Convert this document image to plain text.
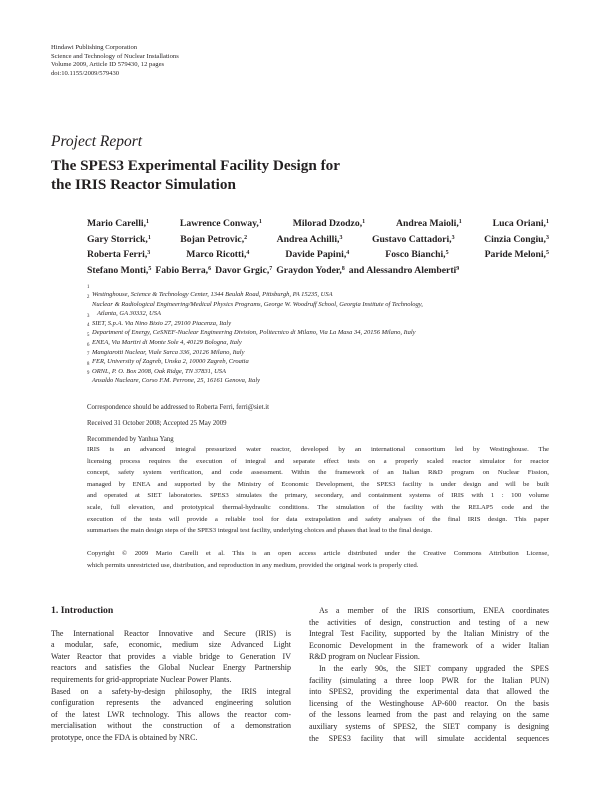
Hindawi Publishing Corporation
Science and Technology of Nuclear Installations
Volume 2009, Article ID 579430, 12 pages
doi:10.1155/2009/579430
Project Report
The SPES3 Experimental Facility Design for
the IRIS Reactor Simulation
Mario Carelli,$^1$	Lawrence Conway,$^1$	Milorad Dzodzo,$^1$	Andrea Maioli,$^1$	Luca Oriani,$^1$
Gary Storrick,$^1$	Bojan Petrovic,$^2$	Andrea Achilli,$^3$	Gustavo Cattadori,$^3$	Cinzia Congiu,$^3$
Roberta Ferri,$^3$	Marco Ricotti,$^4$	Davide Papini,$^4$	Fosco Bianchi,$^5$	Paride Meloni,$^5$
Stefano Monti,$^5$ Fabio Berra,$^6$ Davor Grgic,$^7$ Graydon Yoder,$^8$ and Alessandro Alemberti$^9$
1
Westinghouse, Science & Technology Center, 1344 Beulah Road, Pittsburgh, PA 15235, USA
2
Nuclear & Radiological Engineering/Medical Physics Programs, George W. Woodruff School, Georgia Institute of Technology,
Atlanta, GA 30332, USA
3
SIET, S.p.A. Via Nino Bixio 27, 29100 Piacenza, Italy
4
Department of Energy, CeSNEF-Nuclear Engineering Division, Politecnico di Milano, Via La Masa 34, 20156 Milano, Italy
5
ENEA, Via Martiri di Monte Sole 4, 40129 Bologna, Italy
6
Mangiarotti Nuclear, Viale Sarca 336, 20126 Milano, Italy
7
FER, University of Zagreb, Unska 2, 10000 Zagreb, Croatia
8
ORNL, P. O. Box 2008, Oak Ridge, TN 37831, USA
9
Ansaldo Nucleare, Corso F.M. Perrone, 25, 16161 Genova, Italy
Correspondence should be addressed to Roberta Ferri, ferri@siet.it
Received 31 October 2008; Accepted 25 May 2009
Recommended by Yanhua Yang
IRIS is an advanced integral pressurized water reactor, developed by an international consortium led by Westinghouse. The
licensing process requires the execution of integral and separate effect tests on a properly scaled reactor simulator for reactor
concept, safety system verification, and code assessment. Within the framework of an Italian R&D program on Nuclear Fission,
managed by ENEA and supported by the Ministry of Economic Development, the SPES3 facility is under design and will be built
and operated at SIET laboratories. SPES3 simulates the primary, secondary, and containment systems of IRIS with 1 : 100 volume
scale, full elevation, and prototypical thermal-hydraulic conditions. The simulation of the facility with the RELAP5 code and the
execution of the tests will provide a reliable tool for data extrapolation and safety analyses of the final IRIS design. This paper
summarises the main design steps of the SPES3 integral test facility, underlying choices and phases that lead to the final design.
Copyright © 2009 Mario Carelli et al. This is an open access article distributed under the Creative Commons Attribution License,
which permits unrestricted use, distribution, and reproduction in any medium, provided the original work is properly cited.
1. Introduction
The International Reactor Innovative and Secure (IRIS) is
a modular, safe, economic, medium size Advanced Light
Water Reactor that provides a viable bridge to Generation IV
reactors and satisfies the Global Nuclear Energy Partnership
requirements for grid-appropriate Nuclear Power Plants.
Based on a safety-by-design philosophy, the IRIS integral
configuration represents the advanced engineering solution
of the latest LWR technology. This allows the reactor com-
mercialisation without the construction of a demonstration
prototype, once the FDA is obtained by NRC.
As a member of the IRIS consortium, ENEA coordinates
the activities of design, construction and testing of a new
Integral Test Facility, supported by the Italian Ministry of the
Economic Development in the framework of a wider Italian
R&D program on Nuclear Fission.
In the early 90s, the SIET company upgraded the SPES
facility (simulating a three loop PWR for the Italian PUN)
into SPES2, providing the experimental data that allowed the
licensing of the Westinghouse AP-600 reactor. On the basis
of the lessons learned from the past and relaying on the same
auxiliary systems of SPES2, the SIET company is designing
the SPES3 facility that will simulate accidental sequences
